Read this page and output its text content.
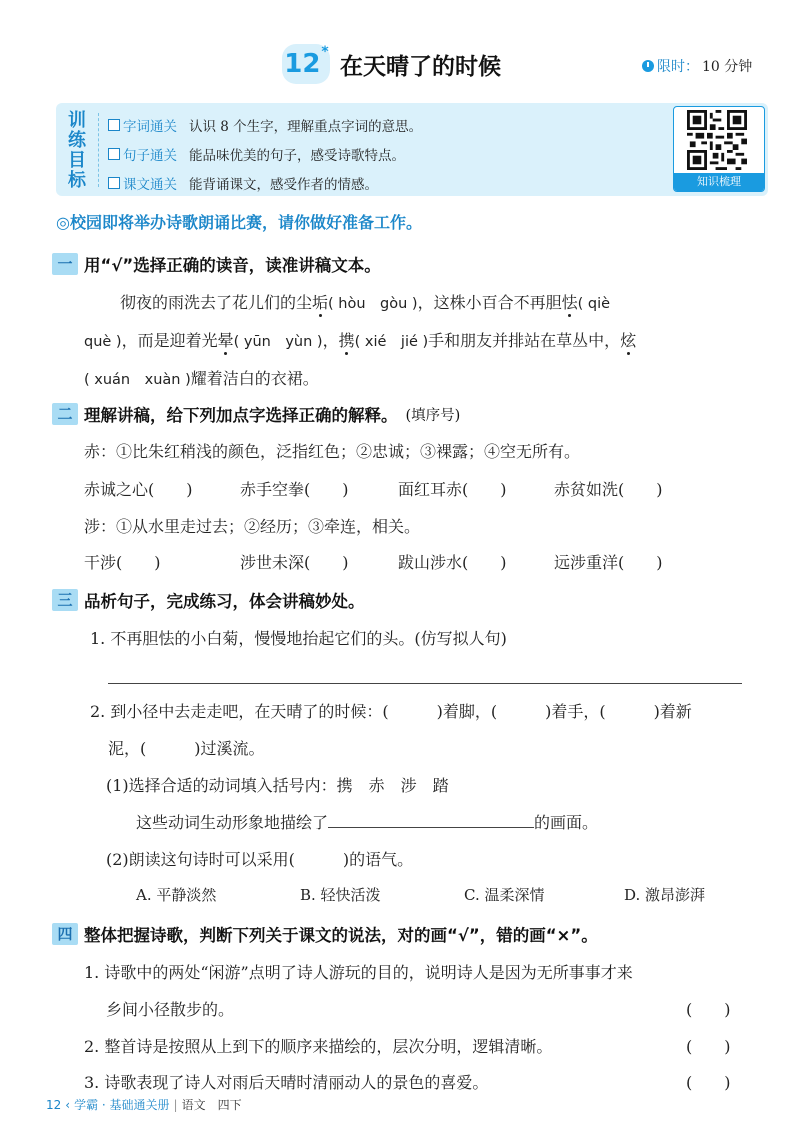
12 *
在天晴了的时候	限时： 10 分钟
训练目标
字词通关 认识 8 个生字，理解重点字词的意思。
句子通关 能品味优美的句子，感受诗歌特点。
课文通关 能背诵课文，感受作者的情感。	知识梳理
◎校园即将举办诗歌朗诵比赛，请你做好准备工作。
一 用“√”选择正确的读音，读准讲稿文本。
彻夜的雨洗去了花儿们的尘垢( hòu　gòu )，这株小百合不再胆怯( qiè
què )，而是迎着光晕( yūn　yùn )，携( xié　jié )手和朋友并排站在草丛中，炫
( xuán　xuàn )耀着洁白的衣裙。
二 理解讲稿，给下列加点字选择正确的解释。 (填序号)
赤：①比朱红稍浅的颜色，泛指红色；②忠诚；③裸露；④空无所有。
赤诚之心(　　)	赤手空拳(　　)	面红耳赤(　　)	赤贫如洗(　　)
涉：①从水里走过去；②经历；③牵连，相关。
干涉(　　)	涉世未深(　　)	跋山涉水(　　)	远涉重洋(　　)
三 品析句子，完成练习，体会讲稿妙处。
1. 不再胆怯的小白菊，慢慢地抬起它们的头。(仿写拟人句)
2. 到小径中去走走吧，在天晴了的时候：(　　　)着脚，(　　　)着手，(　　　)着新
泥，(　　　)过溪流。
(1)选择合适的动词填入括号内：携　赤　涉　踏
这些动词生动形象地描绘了	的画面。
(2)朗读这句诗时可以采用(　　　)的语气。
A. 平静淡然	B. 轻快活泼	C. 温柔深情	D. 激昂澎湃
四 整体把握诗歌，判断下列关于课文的说法，对的画“√”，错的画“×”。
1. 诗歌中的两处“闲游”点明了诗人游玩的目的，说明诗人是因为无所事事才来
乡间小径散步的。	(　　)
2. 整首诗是按照从上到下的顺序来描绘的，层次分明，逻辑清晰。	(　　)
3. 诗歌表现了诗人对雨后天晴时清丽动人的景色的喜爱。	(　　)
12 ‹ 学霸 · 基础通关册 | 语文　四下
